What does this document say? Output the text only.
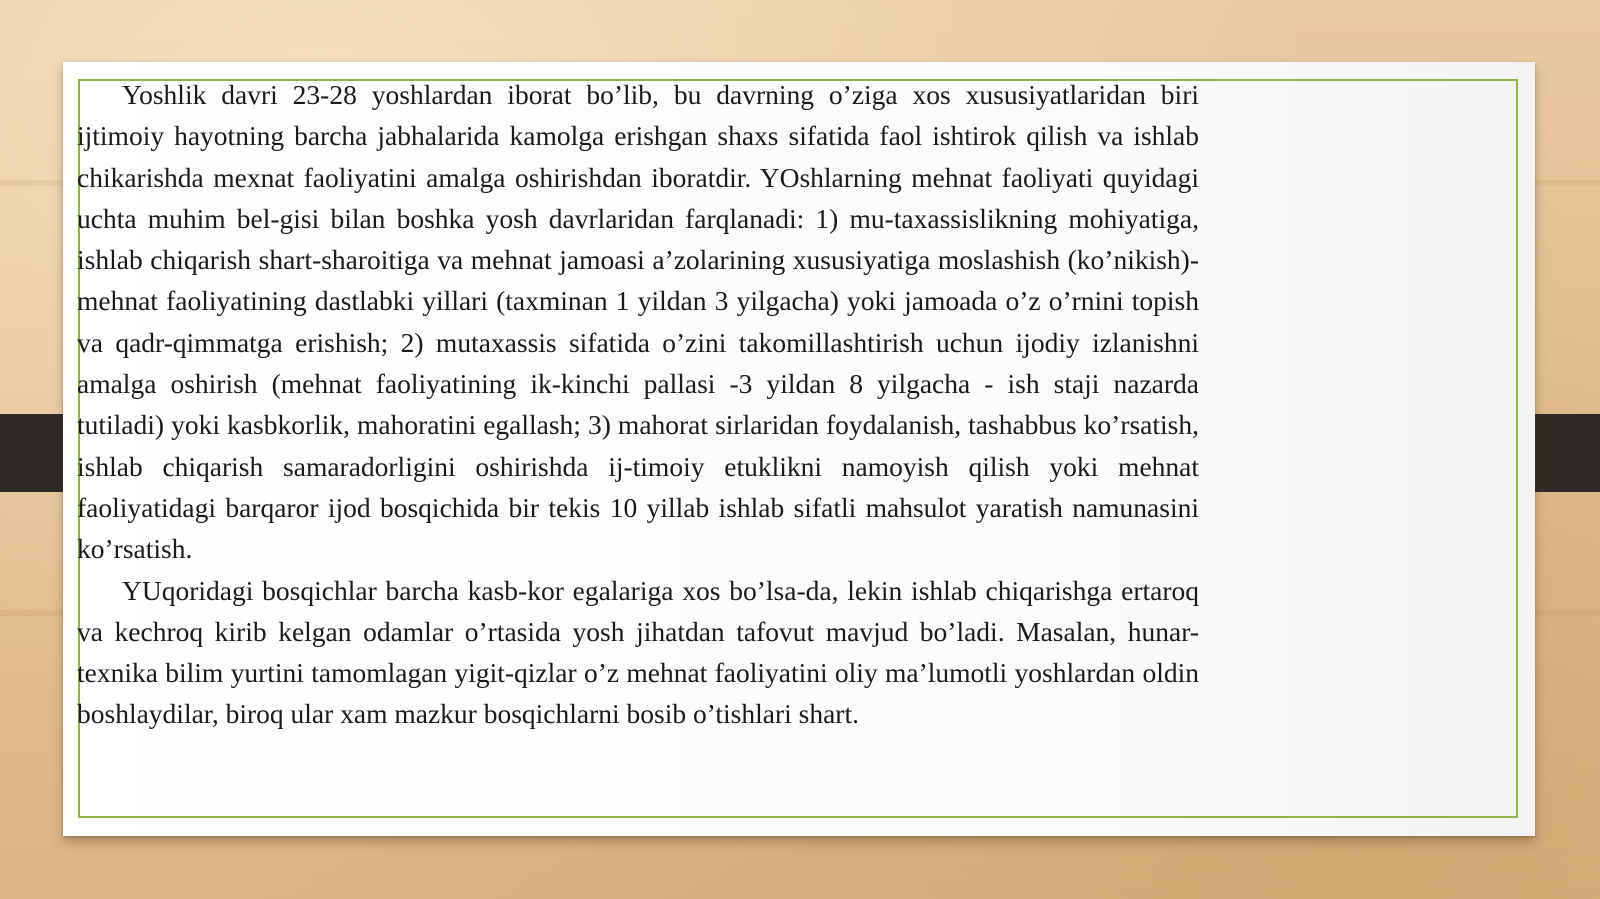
Yoshlik davri 23-28 yoshlardan iborat bo’lib, bu davrning o’ziga xos xususiyatlaridan biri ijtimoiy hayotning barcha jabhalarida kamolga erishgan shaxs sifatida faol ishtirok qilish va ishlab chikarishda mexnat faoliyatini amalga oshirishdan iboratdir. YOshlarning mehnat faoliyati quyidagi uchta muhim bel-gisi bilan boshka yosh davrlaridan farqlanadi: 1) mu-taxassislikning mohiyatiga, ishlab chiqarish shart-sharoitiga va mehnat jamoasi a’zolarining xususiyatiga moslashish (ko’nikish)-mehnat faoliyatining dastlabki yillari (taxminan 1 yildan 3 yilgacha) yoki jamoada o’z o’rnini topish va qadr-qimmatga erishish; 2) mutaxassis sifatida o’zini takomillashtirish uchun ijodiy izlanishni amalga oshirish (mehnat faoliyatining ik-kinchi pallasi -3 yildan 8 yilgacha - ish staji nazarda tutiladi) yoki kasbkorlik, mahoratini egallash; 3) mahorat sirlaridan foydalanish, tashabbus ko’rsatish, ishlab chiqarish samaradorligini oshirishda ij-timoiy etuklikni namoyish qilish yoki mehnat faoliyatidagi barqaror ijod bosqichida bir tekis 10 yillab ishlab sifatli mahsulot yaratish namunasini ko’rsatish.

YUqoridagi bosqichlar barcha kasb-kor egalariga xos bo’lsa-da, lekin ishlab chiqarishga ertaroq va kechroq kirib kelgan odamlar o’rtasida yosh jihatdan tafovut mavjud bo’ladi. Masalan, hunar-texnika bilim yurtini tamomlagan yigit-qizlar o’z mehnat faoliyatini oliy ma’lumotli yoshlardan oldin boshlaydilar, biroq ular xam mazkur bosqichlarni bosib o’tishlari shart.
